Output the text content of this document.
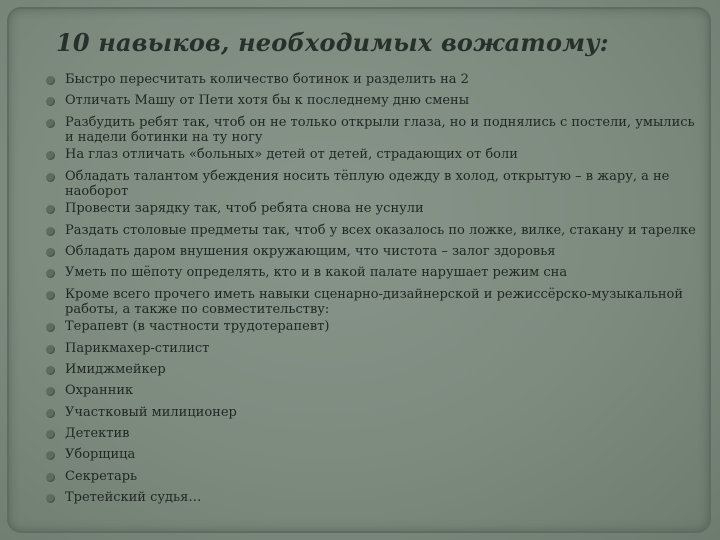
10 навыков, необходимых вожатому:
Быстро пересчитать количество ботинок и разделить на 2
Отличать Машу от Пети хотя бы к последнему дню смены
Разбудить ребят так, чтоб он не только открыли глаза, но и поднялись с постели, умылись и надели ботинки на ту ногу
На глаз отличать «больных» детей от детей, страдающих от боли
Обладать талантом убеждения носить тёплую одежду в холод, открытую – в жару, а не наоборот
Провести зарядку так, чтоб ребята снова не уснули
Раздать столовые предметы так, чтоб у всех оказалось по ложке, вилке, стакану и тарелке
Обладать даром внушения окружающим, что чистота – залог здоровья
Уметь по шёпоту определять, кто и в какой палате нарушает режим сна
Кроме всего прочего иметь навыки сценарно-дизайнерской и режиссёрско-музыкальной работы, а также по совместительству:
Терапевт (в частности трудотерапевт)
Парикмахер-стилист
Имиджмейкер
Охранник
Участковый милиционер
Детектив
Уборщица
Секретарь
Третейский судья…
